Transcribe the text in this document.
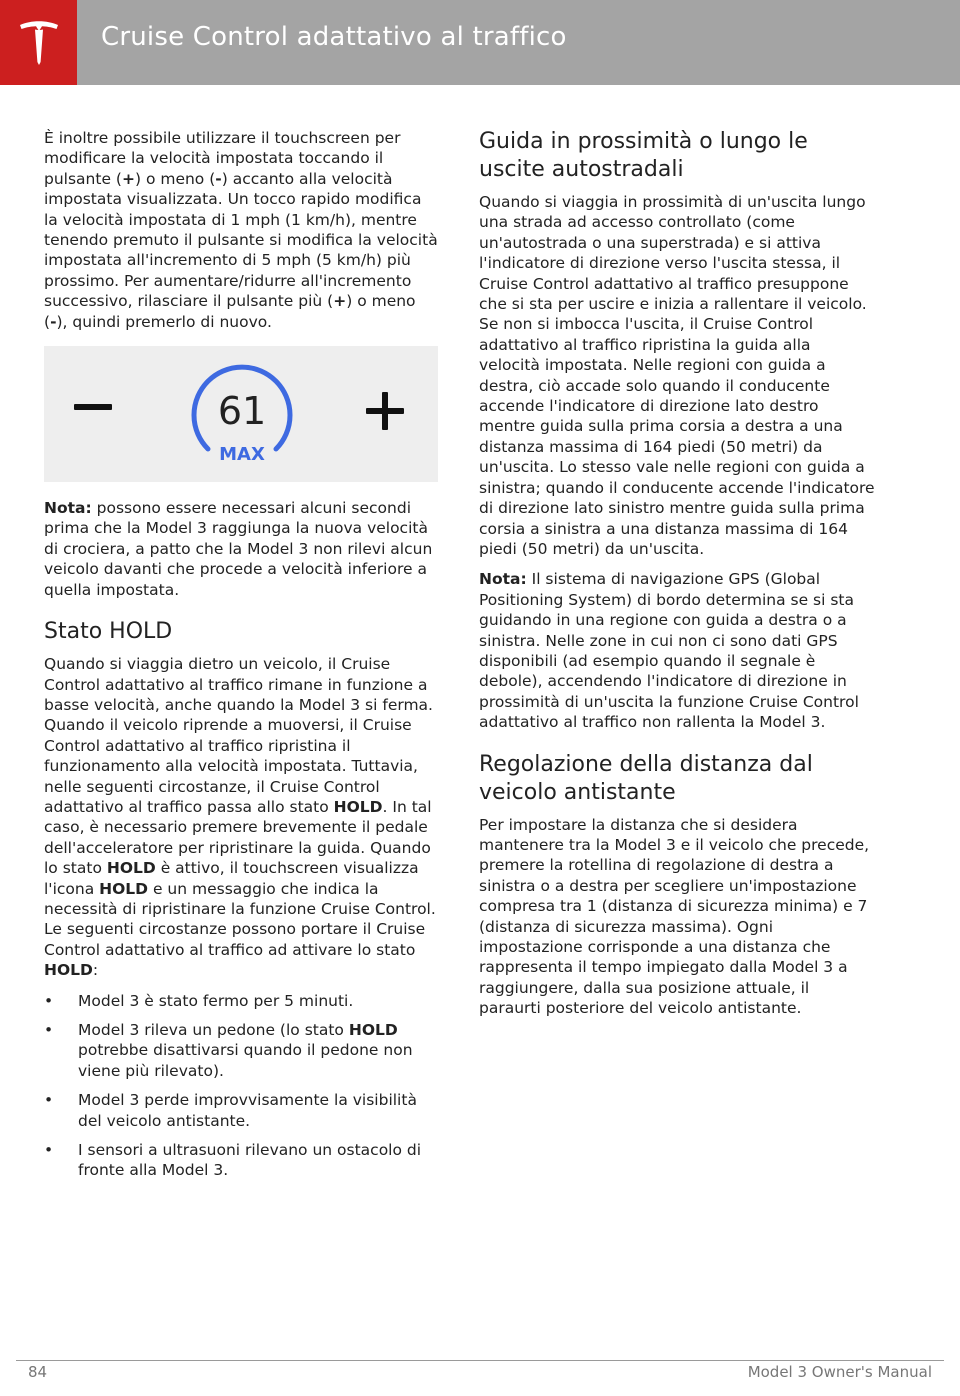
Cruise Control adattativo al traffico

È inoltre possibile utilizzare il touchscreen per modificare la velocità impostata toccando il pulsante (+) o meno (-) accanto alla velocità impostata visualizzata. Un tocco rapido modifica la velocità impostata di 1 mph (1 km/h), mentre tenendo premuto il pulsante si modifica la velocità impostata all'incremento di 5 mph (5 km/h) più prossimo. Per aumentare/ridurre all'incremento successivo, rilasciare il pulsante più (+) o meno (-), quindi premerlo di nuovo.

61
MAX

Nota: possono essere necessari alcuni secondi prima che la Model 3 raggiunga la nuova velocità di crociera, a patto che la Model 3 non rilevi alcun veicolo davanti che procede a velocità inferiore a quella impostata.

Stato HOLD

Quando si viaggia dietro un veicolo, il Cruise Control adattativo al traffico rimane in funzione a basse velocità, anche quando la Model 3 si ferma. Quando il veicolo riprende a muoversi, il Cruise Control adattativo al traffico ripristina il funzionamento alla velocità impostata. Tuttavia, nelle seguenti circostanze, il Cruise Control adattativo al traffico passa allo stato HOLD. In tal caso, è necessario premere brevemente il pedale dell'acceleratore per ripristinare la guida. Quando lo stato HOLD è attivo, il touchscreen visualizza l'icona HOLD e un messaggio che indica la necessità di ripristinare la funzione Cruise Control. Le seguenti circostanze possono portare il Cruise Control adattativo al traffico ad attivare lo stato HOLD:

• Model 3 è stato fermo per 5 minuti.
• Model 3 rileva un pedone (lo stato HOLD potrebbe disattivarsi quando il pedone non viene più rilevato).
• Model 3 perde improvvisamente la visibilità del veicolo antistante.
• I sensori a ultrasuoni rilevano un ostacolo di fronte alla Model 3.
Guida in prossimità o lungo le uscite autostradali

Quando si viaggia in prossimità di un'uscita lungo una strada ad accesso controllato (come un'autostrada o una superstrada) e si attiva l'indicatore di direzione verso l'uscita stessa, il Cruise Control adattativo al traffico presuppone che si sta per uscire e inizia a rallentare il veicolo. Se non si imbocca l'uscita, il Cruise Control adattativo al traffico ripristina la guida alla velocità impostata. Nelle regioni con guida a destra, ciò accade solo quando il conducente accende l'indicatore di direzione lato destro mentre guida sulla prima corsia a destra a una distanza massima di 164 piedi (50 metri) da un'uscita. Lo stesso vale nelle regioni con guida a sinistra; quando il conducente accende l'indicatore di direzione lato sinistro mentre guida sulla prima corsia a sinistra a una distanza massima di 164 piedi (50 metri) da un'uscita.

Nota: Il sistema di navigazione GPS (Global Positioning System) di bordo determina se si sta guidando in una regione con guida a destra o a sinistra. Nelle zone in cui non ci sono dati GPS disponibili (ad esempio quando il segnale è debole), accendendo l'indicatore di direzione in prossimità di un'uscita la funzione Cruise Control adattativo al traffico non rallenta la Model 3.

Regolazione della distanza dal veicolo antistante

Per impostare la distanza che si desidera mantenere tra la Model 3 e il veicolo che precede, premere la rotellina di regolazione di destra a sinistra o a destra per scegliere un'impostazione compresa tra 1 (distanza di sicurezza minima) e 7 (distanza di sicurezza massima). Ogni impostazione corrisponde a una distanza che rappresenta il tempo impiegato dalla Model 3 a raggiungere, dalla sua posizione attuale, il paraurti posteriore del veicolo antistante.

84	Model 3 Owner's Manual
